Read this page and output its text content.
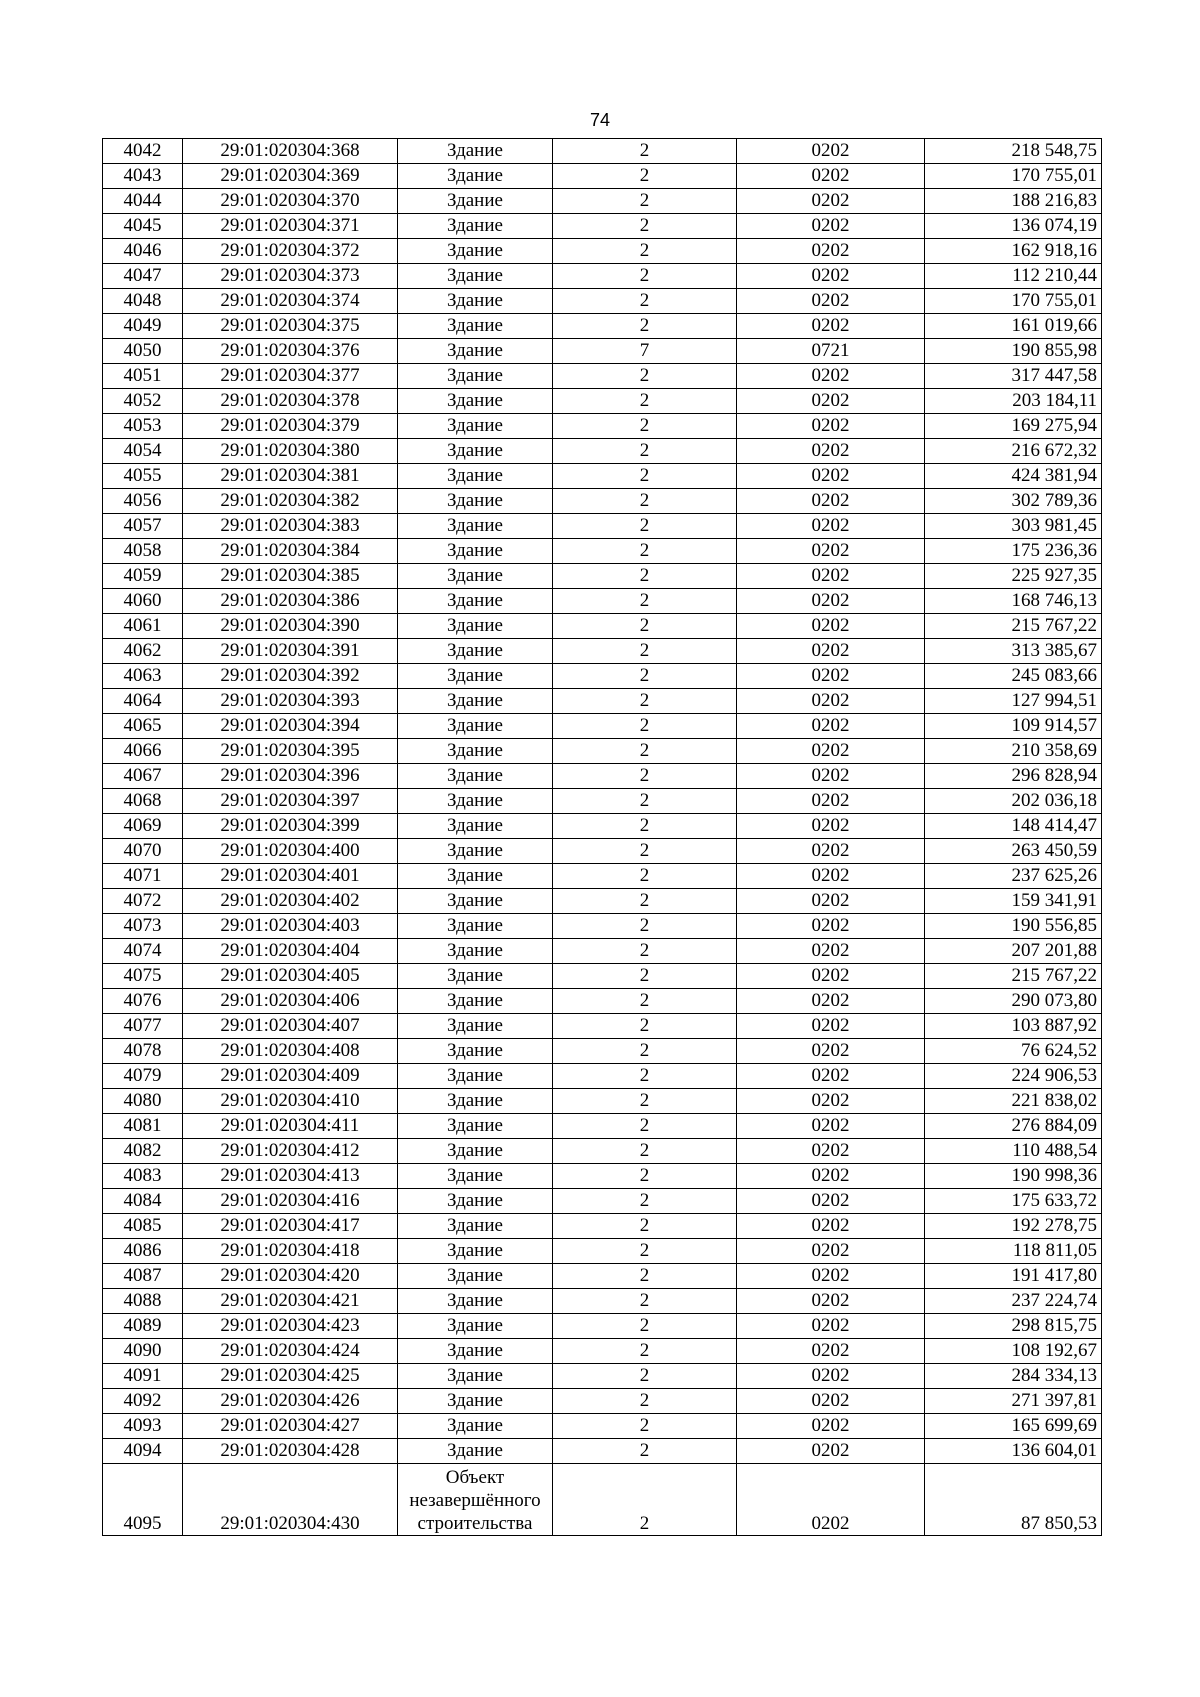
74
4042	29:01:020304:368	Здание	2	0202	218 548,75
4043	29:01:020304:369	Здание	2	0202	170 755,01
4044	29:01:020304:370	Здание	2	0202	188 216,83
4045	29:01:020304:371	Здание	2	0202	136 074,19
4046	29:01:020304:372	Здание	2	0202	162 918,16
4047	29:01:020304:373	Здание	2	0202	112 210,44
4048	29:01:020304:374	Здание	2	0202	170 755,01
4049	29:01:020304:375	Здание	2	0202	161 019,66
4050	29:01:020304:376	Здание	7	0721	190 855,98
4051	29:01:020304:377	Здание	2	0202	317 447,58
4052	29:01:020304:378	Здание	2	0202	203 184,11
4053	29:01:020304:379	Здание	2	0202	169 275,94
4054	29:01:020304:380	Здание	2	0202	216 672,32
4055	29:01:020304:381	Здание	2	0202	424 381,94
4056	29:01:020304:382	Здание	2	0202	302 789,36
4057	29:01:020304:383	Здание	2	0202	303 981,45
4058	29:01:020304:384	Здание	2	0202	175 236,36
4059	29:01:020304:385	Здание	2	0202	225 927,35
4060	29:01:020304:386	Здание	2	0202	168 746,13
4061	29:01:020304:390	Здание	2	0202	215 767,22
4062	29:01:020304:391	Здание	2	0202	313 385,67
4063	29:01:020304:392	Здание	2	0202	245 083,66
4064	29:01:020304:393	Здание	2	0202	127 994,51
4065	29:01:020304:394	Здание	2	0202	109 914,57
4066	29:01:020304:395	Здание	2	0202	210 358,69
4067	29:01:020304:396	Здание	2	0202	296 828,94
4068	29:01:020304:397	Здание	2	0202	202 036,18
4069	29:01:020304:399	Здание	2	0202	148 414,47
4070	29:01:020304:400	Здание	2	0202	263 450,59
4071	29:01:020304:401	Здание	2	0202	237 625,26
4072	29:01:020304:402	Здание	2	0202	159 341,91
4073	29:01:020304:403	Здание	2	0202	190 556,85
4074	29:01:020304:404	Здание	2	0202	207 201,88
4075	29:01:020304:405	Здание	2	0202	215 767,22
4076	29:01:020304:406	Здание	2	0202	290 073,80
4077	29:01:020304:407	Здание	2	0202	103 887,92
4078	29:01:020304:408	Здание	2	0202	76 624,52
4079	29:01:020304:409	Здание	2	0202	224 906,53
4080	29:01:020304:410	Здание	2	0202	221 838,02
4081	29:01:020304:411	Здание	2	0202	276 884,09
4082	29:01:020304:412	Здание	2	0202	110 488,54
4083	29:01:020304:413	Здание	2	0202	190 998,36
4084	29:01:020304:416	Здание	2	0202	175 633,72
4085	29:01:020304:417	Здание	2	0202	192 278,75
4086	29:01:020304:418	Здание	2	0202	118 811,05
4087	29:01:020304:420	Здание	2	0202	191 417,80
4088	29:01:020304:421	Здание	2	0202	237 224,74
4089	29:01:020304:423	Здание	2	0202	298 815,75
4090	29:01:020304:424	Здание	2	0202	108 192,67
4091	29:01:020304:425	Здание	2	0202	284 334,13
4092	29:01:020304:426	Здание	2	0202	271 397,81
4093	29:01:020304:427	Здание	2	0202	165 699,69
4094	29:01:020304:428	Здание	2	0202	136 604,01
4095	29:01:020304:430	Объект незавершённого строительства	2	0202	87 850,53
